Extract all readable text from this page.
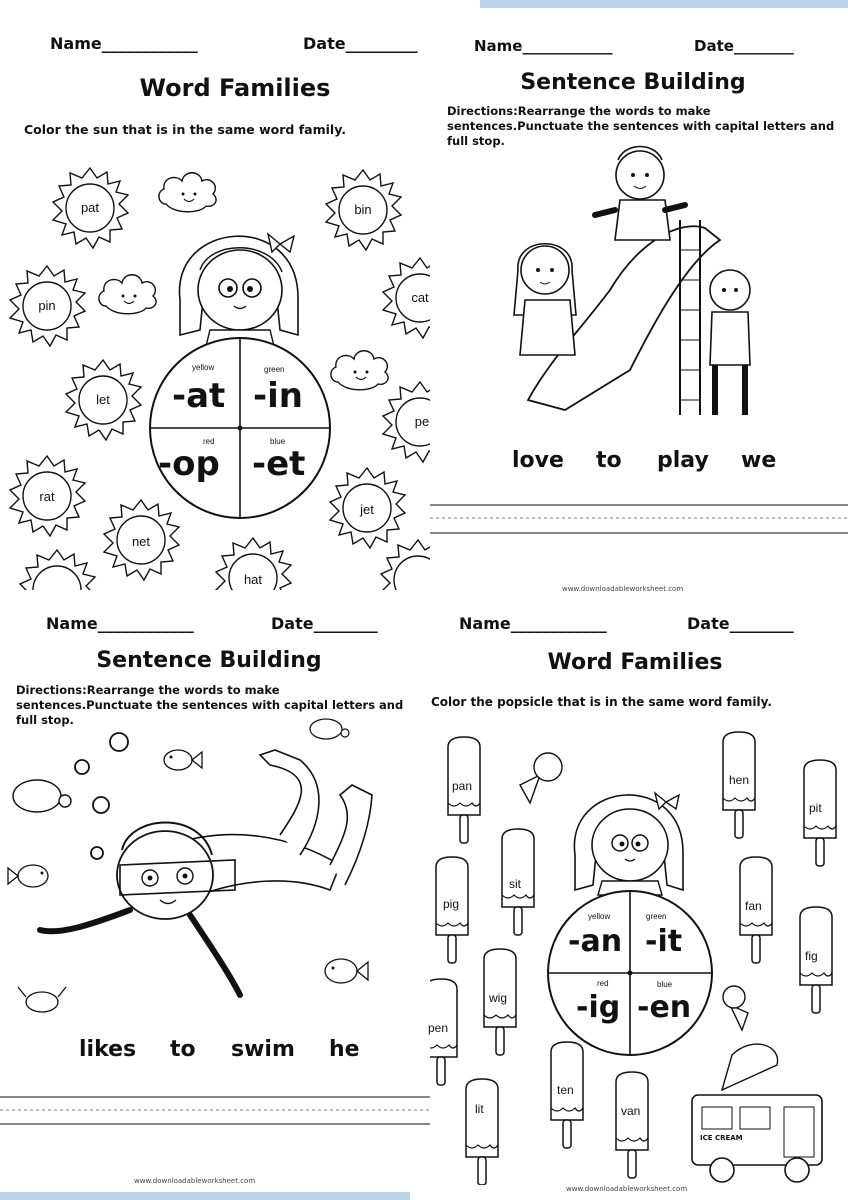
Name____________	Date_________
Word Families
Color the sun that is in the same word family.
pat	bin
pin
cat
let
pe
rat
jet
net
hat
yellow	green
red	blue
-at -in
-op -et
Name____________	Date________
Sentence Building
Directions:Rearrange the words to make sentences.Punctuate the sentences with capital letters and full stop.
love to play we
www.downloadableworksheet.com
Name____________	Date________
Sentence Building
Directions:Rearrange the words to make sentences.Punctuate the sentences with capital letters and full stop.
likes to swim he
www.downloadableworksheet.com
Name____________	Date________
Word Families
Color the popsicle that is in the same word family.
pan	hen
pit
sit
pig	fan
fig
wig
pen
ten
lit	van
yellow	green
red	blue
-an -it
-ig -en
ICE CREAM
www.downloadableworksheet.com
